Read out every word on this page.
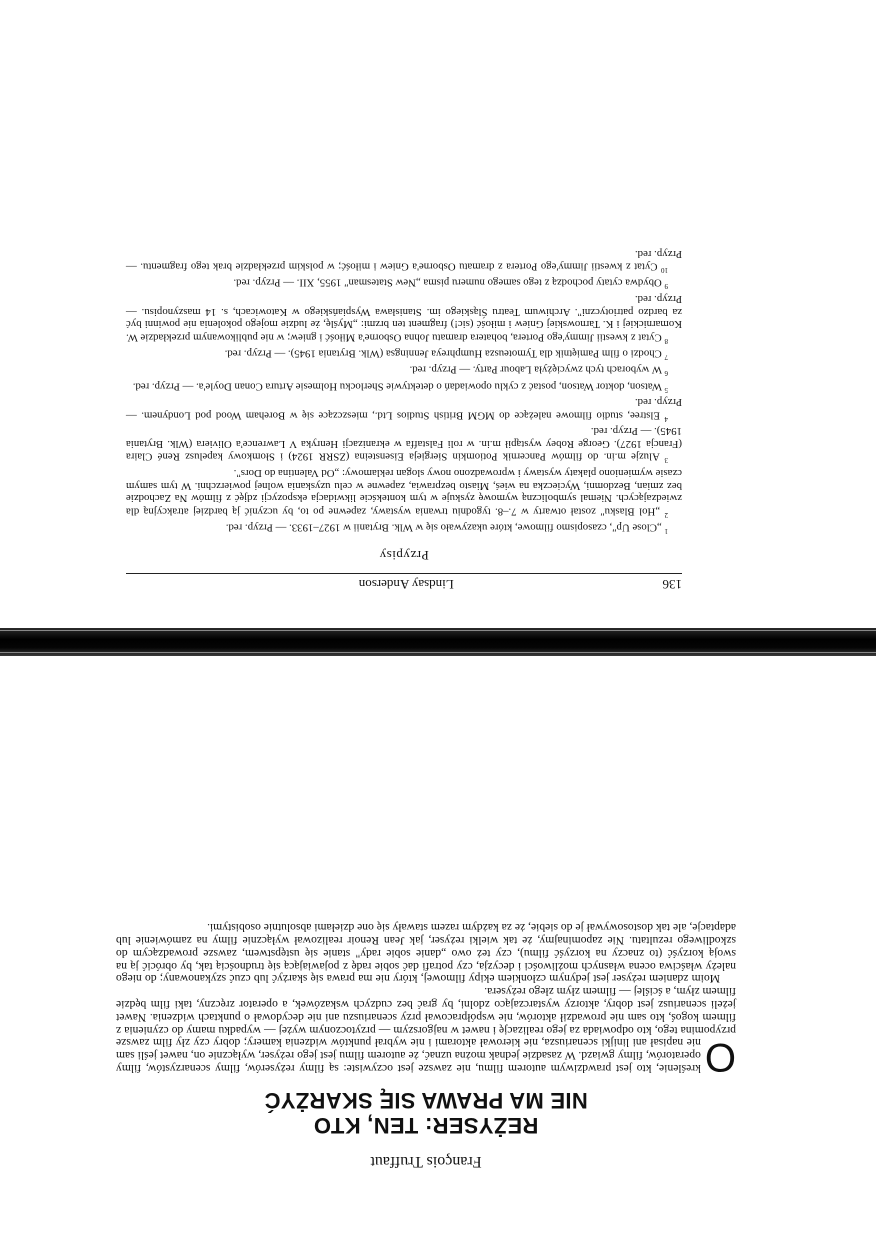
136
Lindsay Anderson
Przypisy

$^1$ „Close Up", czasopismo filmowe, które ukazywało się w Wlk. Brytanii w 1927–1933. — Przyp. red.

$^2$ „Hol Blasku" został otwarty w 7.–8. tygodniu trwania wystawy, zapewne po to, by uczynić ją bardziej atrakcyjną dla zwiedzających. Niemal symboliczną wymowę zyskuje w tym kontekście likwidacja ekspozycji zdjęć z filmów Na Zachodzie bez zmian, Bezdomni, Wycieczka na wieś, Miasto bezprawia, zapewne w celu uzyskania wolnej powierzchni. W tym samym czasie wymieniono plakaty wystawy i wprowadzono nowy slogan reklamowy: „Od Valentina do Dors".

$^3$ Aluzje m.in. do filmów Pancernik Potiomkin Siergieja Eisensteina (ZSRR 1924) i Słomkowy kapelusz René Claira (Francja 1927). George Robey wystąpił m.in. w roli Falstaffa w ekranizacji Henryka V Lawrence'a Oliviera (Wlk. Brytania 1945). — Przyp. red.

$^4$ Elstree, studio filmowe należące do MGM British Studios Ltd., mieszczące się w Boreham Wood pod Londynem. — Przyp. red.

$^5$ Watson, doktor Watson, postać z cyklu opowiadań o detektywie Sherlocku Holmesie Artura Conan Doyle'a. — Przyp. red.

$^6$ W wyborach tych zwyciężyła Labour Party. — Przyp. red.

$^7$ Chodzi o film Pamiętnik dla Tymoteusza Humphreya Jenningsa (Wlk. Brytania 1945). — Przyp. red.

$^8$ Cytat z kwestii Jimmy'ego Portera, bohatera dramatu Johna Osborne'a Miłość i gniew; w nie publikowanym przekładzie W. Komarnickiej i K. Tarnowskiej Gniew i miłość (sic!) fragment ten brzmi: „Myślę, że ludzie mojego pokolenia nie powinni być za bardzo patriotyczni". Archiwum Teatru Śląskiego im. Stanisława Wyspiańskiego w Katowicach, s. 14 maszynopisu. — Przyp. red.

$^9$ Obydwa cytaty pochodzą z tego samego numeru pisma „New Statesman" 1955, XII. — Przyp. red.

$^{10}$ Cytat z kwestii Jimmy'ego Portera z dramatu Osborne'a Gniew i miłość; w polskim przekładzie brak tego fragmentu. — Przyp. red.

François Truffaut
REŻYSER: TEN, KTO
NIE MA PRAWA SIĘ SKARŻYĆ

O
kreślenie, kto jest prawdziwym autorem filmu, nie zawsze jest oczywiste: są filmy reżyserów, filmy scenarzystów, filmy operatorów, filmy gwiazd. W zasadzie jednak można uznać, że autorem filmu jest jego reżyser, wyłącznie on, nawet jeśli sam nie napisał ani linijki scenariusza, nie kierował aktorami i nie wybrał punktów widzenia kamery; dobry czy zły film zawsze przypomina tego, kto odpowiada za jego realizację i nawet w najgorszym — przytoczonym wyżej — wypadku mamy do czynienia z filmem kogoś, kto sam nie prowadził aktorów, nie współpracował przy scenariuszu ani nie decydował o punktach widzenia. Nawet jeżeli scenariusz jest dobry, aktorzy wystarczająco zdolni, by grać bez cudzych wskazówek, a operator zręczny, taki film będzie filmem złym, a ściślej — filmem złym złego reżysera.

Moim zdaniem reżyser jest jedynym członkiem ekipy filmowej, który nie ma prawa się skarżyć lub czuć szykanowany; do niego należy właściwa ocena własnych możliwości i decyzja, czy potrafi dać sobie radę z pojawiającą się trudnością tak, by obrócić ją na swoją korzyść (to znaczy na korzyść filmu), czy też owo „danie sobie rady" stanie się ustępstwem, zawsze prowadzącym do szkodliwego rezultatu. Nie zapominajmy, że tak wielki reżyser, jak Jean Renoir realizował wyłącznie filmy na zamówienie lub adaptacje, ale tak dostosowywał je do siebie, że za każdym razem stawały się one dziełami absolutnie osobistymi.
